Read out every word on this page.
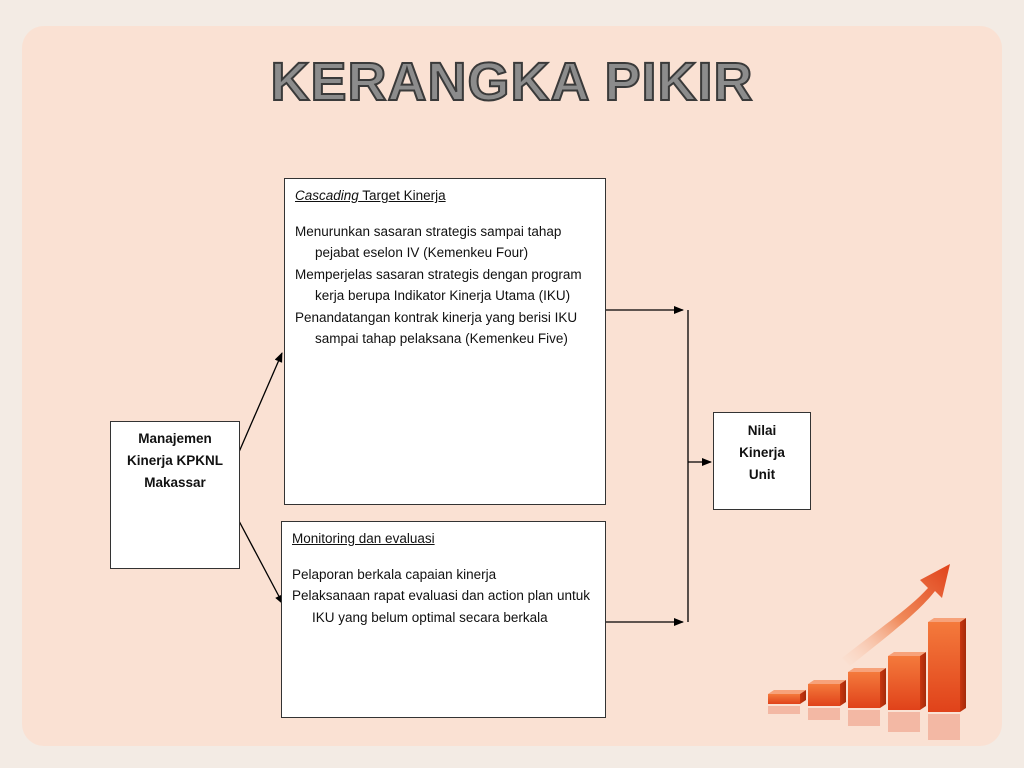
KERANGKA PIKIR
Manajemen
Kinerja KPKNL
Makassar
Cascading Target Kinerja
Menurunkan sasaran strategis sampai tahap pejabat eselon IV (Kemenkeu Four)
Memperjelas sasaran strategis dengan program kerja berupa Indikator Kinerja Utama (IKU)
Penandatangan kontrak kinerja yang berisi IKU sampai tahap pelaksana (Kemenkeu Five)
Monitoring dan evaluasi
Pelaporan berkala capaian kinerja
Pelaksanaan rapat evaluasi dan action plan untuk IKU yang belum optimal secara berkala
Nilai
Kinerja
Unit
